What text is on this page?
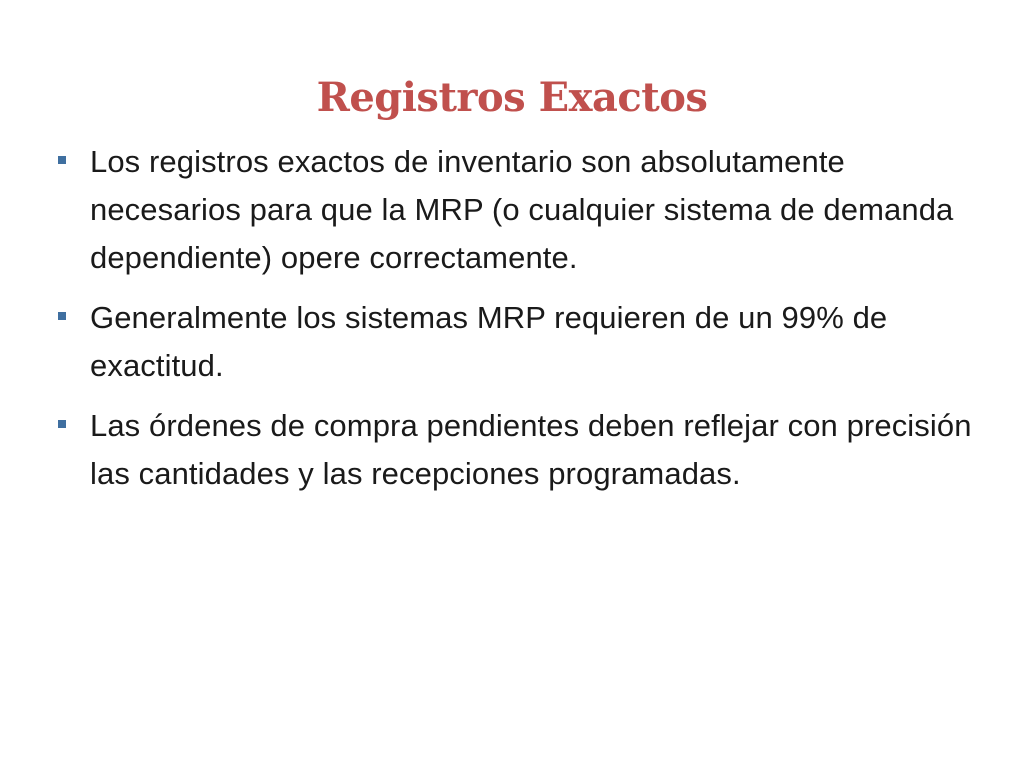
Registros Exactos
Los registros exactos de inventario son absolutamente necesarios para que la MRP (o cualquier sistema de demanda dependiente) opere correctamente.
Generalmente los sistemas MRP requieren de un 99% de exactitud.
Las órdenes de compra pendientes deben reflejar con precisión las cantidades y las recepciones programadas.
